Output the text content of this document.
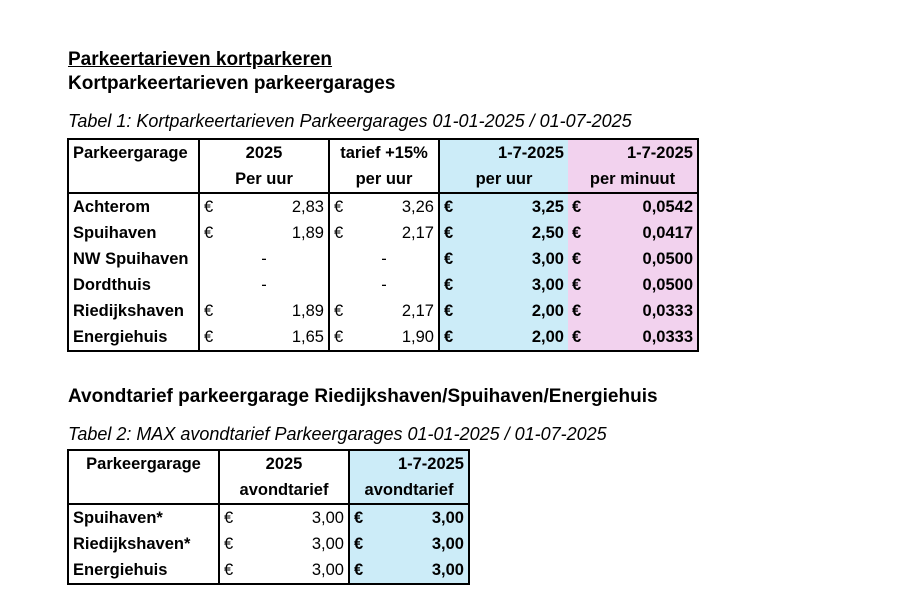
Parkeertarieven kortparkeren
Kortparkeertarieven parkeergarages
Tabel 1: Kortparkeertarieven Parkeergarages 01-01-2025 / 01-07-2025
Parkeergarage	2025		tarief +15%		1-7-2025		1-7-2025	
	Per uur		per uur		per uur		per minuut	
Achterom	€	2,83	€	3,26	€	3,25	€	0,0542
Spuihaven	€	1,89	€	2,17	€	2,50	€	0,0417
NW Spuihaven	-		-		€	3,00	€	0,0500
Dordthuis	-		-		€	3,00	€	0,0500
Riedijkshaven	€	1,89	€	2,17	€	2,00	€	0,0333
Energiehuis	€	1,65	€	1,90	€	2,00	€	0,0333
Avondtarief parkeergarage Riedijkshaven/Spuihaven/Energiehuis
Tabel 2: MAX avondtarief Parkeergarages 01-01-2025 / 01-07-2025
Parkeergarage	2025		1-7-2025	
	avondtarief		avondtarief	
Spuihaven*	€	3,00	€	3,00
Riedijkshaven*	€	3,00	€	3,00
Energiehuis	€	3,00	€	3,00
